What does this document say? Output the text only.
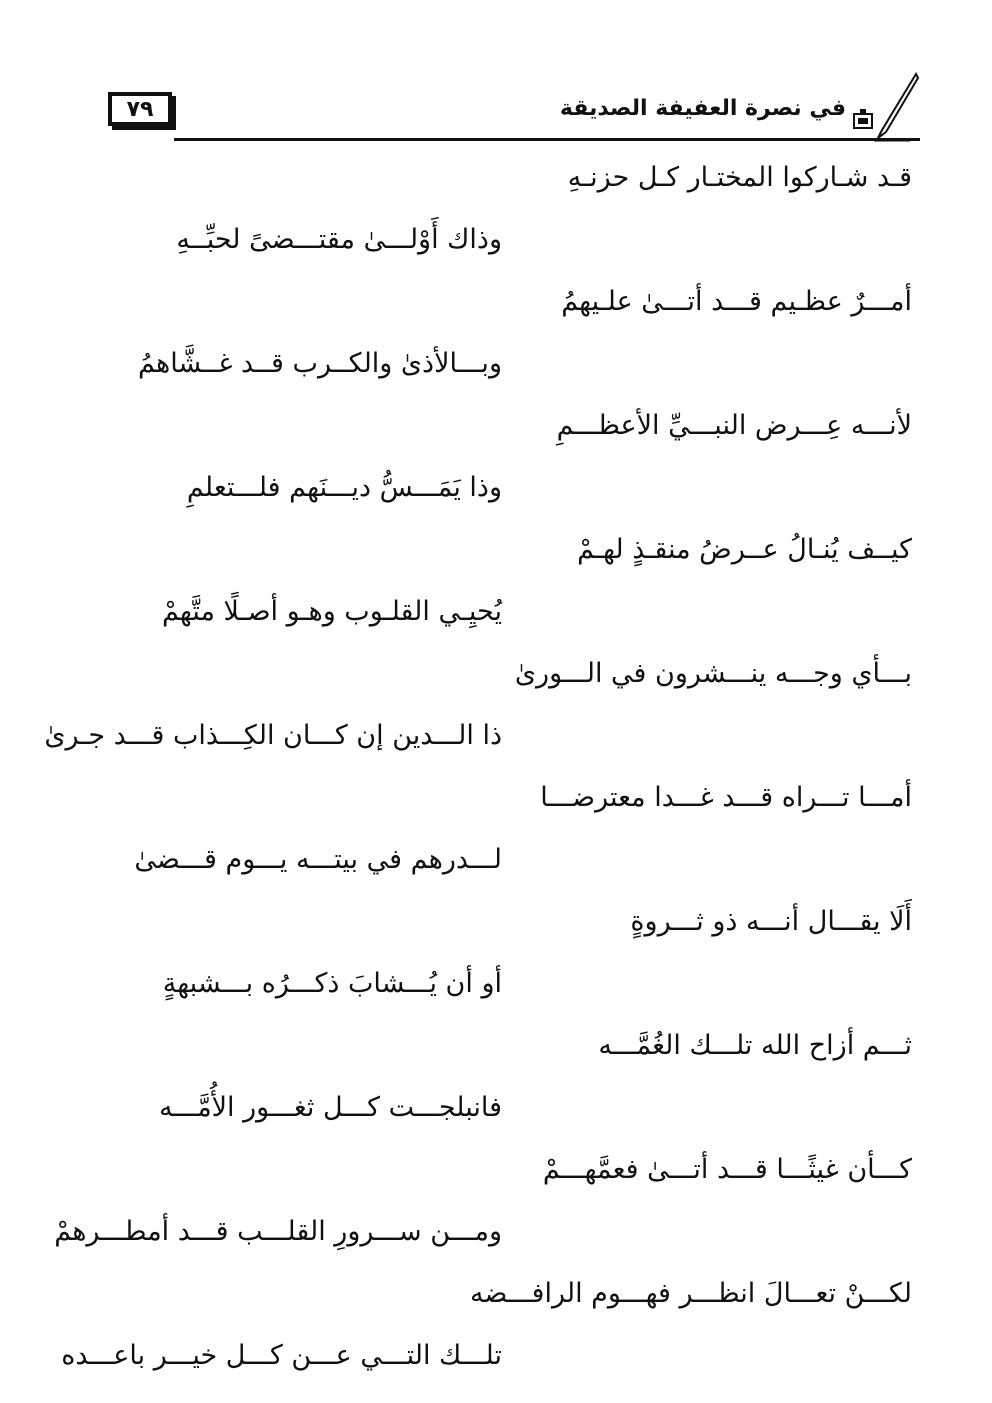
٧٩	في نصرة العفيفة الصديقة
قـد شـاركوا المختـار كـل حزنـهِ
وذاك أَوْلـــىٰ مقتـــضىً لحبِّــهِ
أمـــرٌ عظـيم قـــد أتـــىٰ علـيهمُ
وبـــالأذىٰ والكــرب قــد غــشَّاهمُ
لأنـــه عِـــرض النبـــيِّ الأعظـــمِ
وذا يَمَـــسُّ ديـــنَهم فلـــتعلمِ
كيــف يُنـالُ عــرضُ منقـذٍ لهـمْ
يُحيِـي القلـوب وهـو أصـلًا متَّهمْ
بـــأي وجـــه ينـــشرون في الـــورىٰ
ذا الـــدين إن كـــان الكِـــذاب قـــد جـرىٰ
أمـــا تـــراه قـــد غـــدا معترضـــا
لـــدرهم في بيتـــه يـــوم قـــضىٰ
أَلَا يقـــال أنـــه ذو ثـــروةٍ
أو أن يُـــشابَ ذكـــرُه بـــشبهةٍ
ثـــم أزاح الله تلـــك الغُمَّـــه
فانبلجـــت كـــل ثغـــور الأُمَّـــه
كـــأن غيثًـــا قـــد أتـــىٰ فعمَّهـــمْ
ومـــن ســـرورِ القلـــب قـــد أمطـــرهمْ
لكـــنْ تعـــالَ انظـــر فهـــوم الرافـــضه
تلـــك التـــي عـــن كـــل خيـــر باعـــده
